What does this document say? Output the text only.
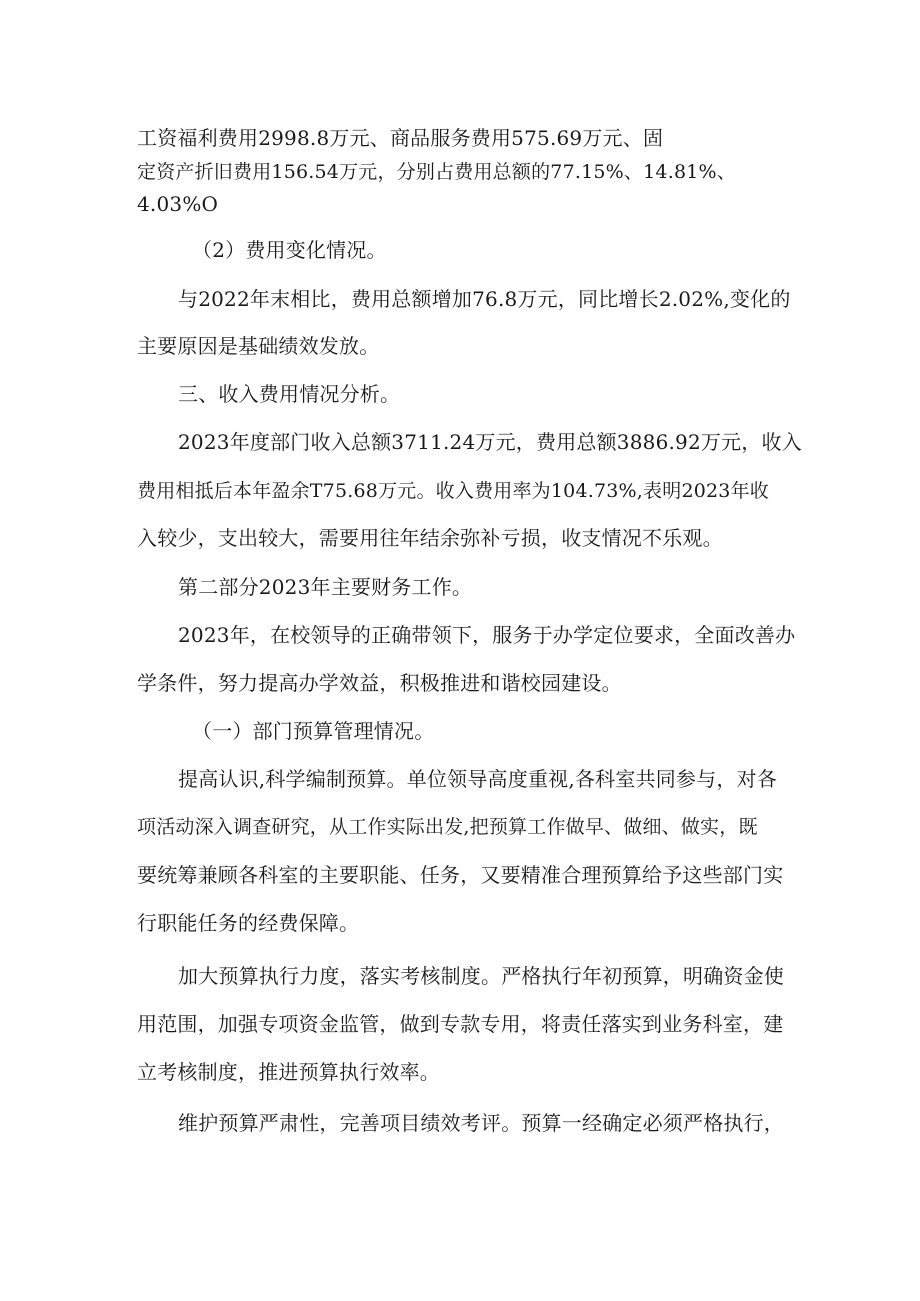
工资福利费用2998.8万元、商品服务费用575.69万元、固
定资产折旧费用156.54万元，分别占费用总额的77.15%、14.81%、
4.03%O
（2）费用变化情况。
与2022年末相比，费用总额增加76.8万元，同比增长2.02%,变化的
主要原因是基础绩效发放。
三、收入费用情况分析。
2023年度部门收入总额3711.24万元，费用总额3886.92万元，收入
费用相抵后本年盈余T75.68万元。收入费用率为104.73%,表明2023年收
入较少，支出较大，需要用往年结余弥补亏损，收支情况不乐观。
第二部分2023年主要财务工作。
2023年，在校领导的正确带领下，服务于办学定位要求，全面改善办
学条件，努力提高办学效益，积极推进和谐校园建设。
（一）部门预算管理情况。
提高认识,科学编制预算。单位领导高度重视,各科室共同参与，对各
项活动深入调查研究，从工作实际出发,把预算工作做早、做细、做实，既
要统筹兼顾各科室的主要职能、任务，又要精准合理预算给予这些部门实
行职能任务的经费保障。
加大预算执行力度，落实考核制度。严格执行年初预算，明确资金使
用范围，加强专项资金监管，做到专款专用，将责任落实到业务科室，建
立考核制度，推进预算执行效率。
维护预算严肃性，完善项目绩效考评。预算一经确定必须严格执行，
